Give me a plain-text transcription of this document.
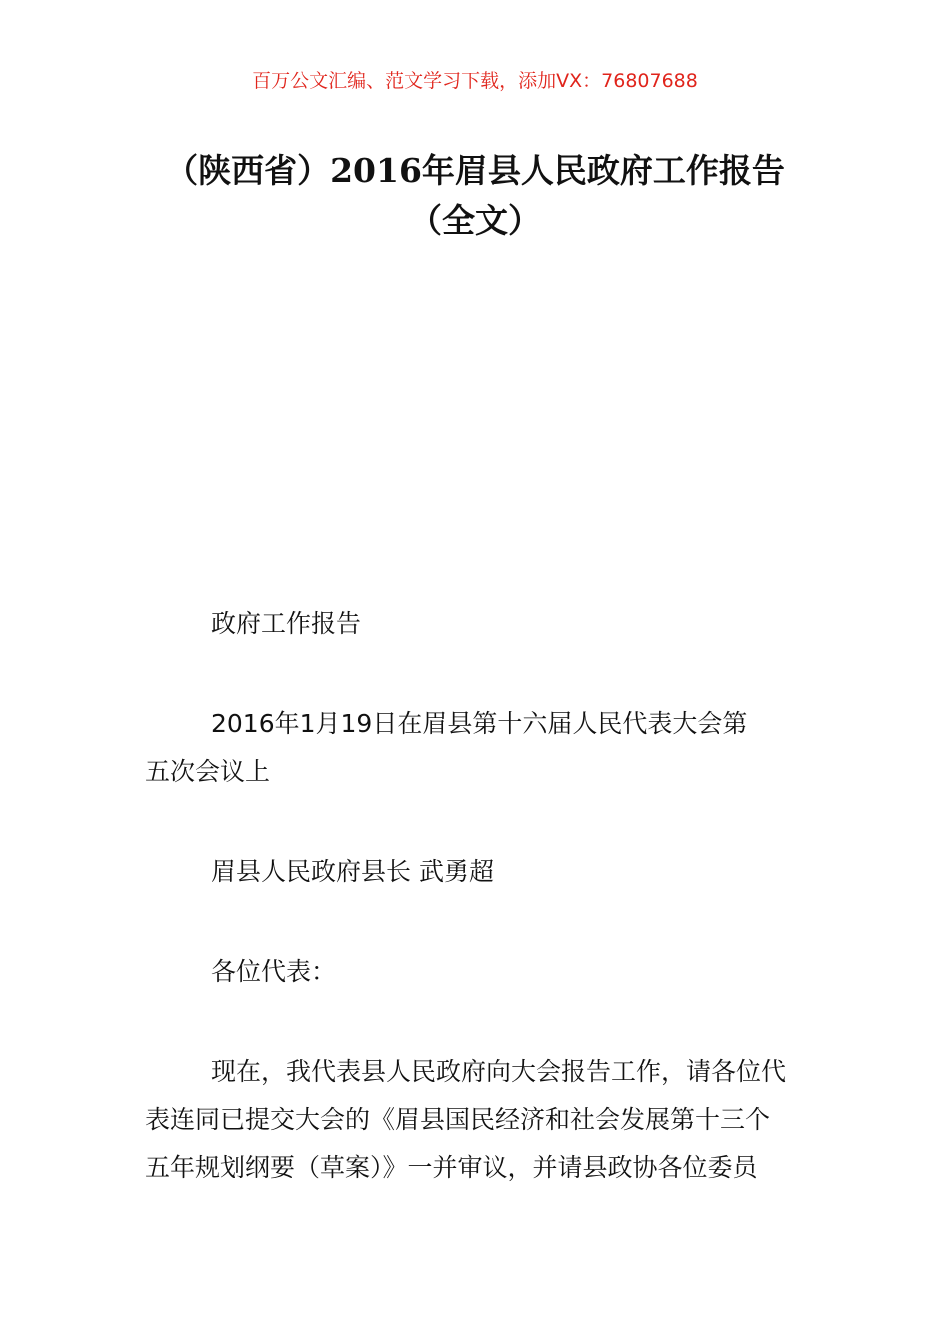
百万公文汇编、范文学习下载，添加VX：76807688
（陕西省）2016年眉县人民政府工作报告
（全文）

政府工作报告

2016年1月19日在眉县第十六届人民代表大会第
五次会议上

眉县人民政府县长 武勇超

各位代表：

现在，我代表县人民政府向大会报告工作，请各位代
表连同已提交大会的《眉县国民经济和社会发展第十三个
五年规划纲要（草案）》一并审议，并请县政协各位委员
